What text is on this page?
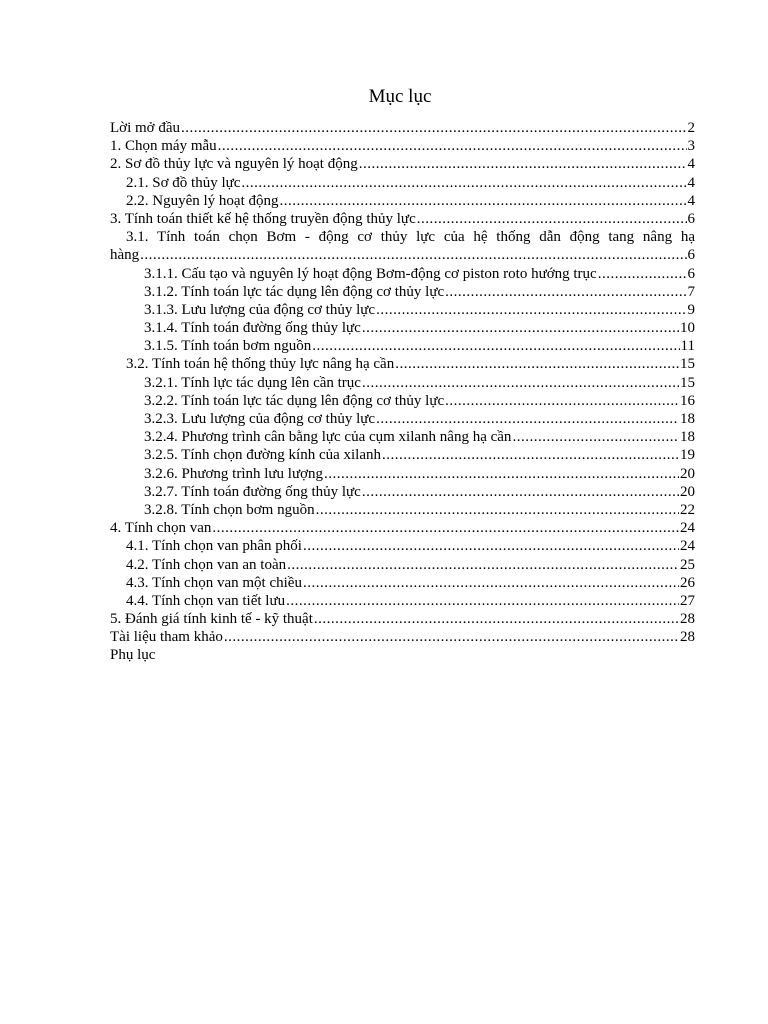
Mục lục
Lời mở đầu .....	2
1. Chọn máy mẫu .....	3
2. Sơ đồ thủy lực và nguyên lý hoạt động .....	4
2.1. Sơ đồ thủy lực .....	4
2.2. Nguyên lý hoạt động .....	4
3. Tính toán thiết kế hệ thống truyền động thủy lực .....	6
3.1. Tính toán chọn Bơm - động cơ thủy lực của hệ thống dẫn động tang nâng hạ
hàng .....	6
3.1.1. Cấu tạo và nguyên lý hoạt động Bơm-động cơ piston roto hướng trục .....	6
3.1.2. Tính toán lực tác dụng lên động cơ thủy lực .....	7
3.1.3. Lưu lượng của động cơ thủy lực .....	9
3.1.4. Tính toán đường ống thủy lực .....	10
3.1.5. Tính toán bơm nguồn .....	11
3.2. Tính toán hệ thống thủy lực nâng hạ cần .....	15
3.2.1. Tính lực tác dụng lên cần trục .....	15
3.2.2. Tính toán lực tác dụng lên động cơ thủy lực .....	16
3.2.3. Lưu lượng của động cơ thủy lực .....	18
3.2.4. Phương trình cân bằng lực của cụm xilanh nâng hạ cần .....	18
3.2.5. Tính chọn đường kính của xilanh .....	19
3.2.6. Phương trình lưu lượng .....	20
3.2.7. Tính toán đường ống thủy lực .....	20
3.2.8. Tính chọn bơm nguồn .....	22
4. Tính chọn van .....	24
4.1. Tính chọn van phân phối .....	24
4.2. Tính chọn van an toàn .....	25
4.3. Tính chọn van một chiều .....	26
4.4. Tính chọn van tiết lưu .....	27
5. Đánh giá tính kinh tế - kỹ thuật .....	28
Tài liệu tham khảo .....	28
Phụ lục
